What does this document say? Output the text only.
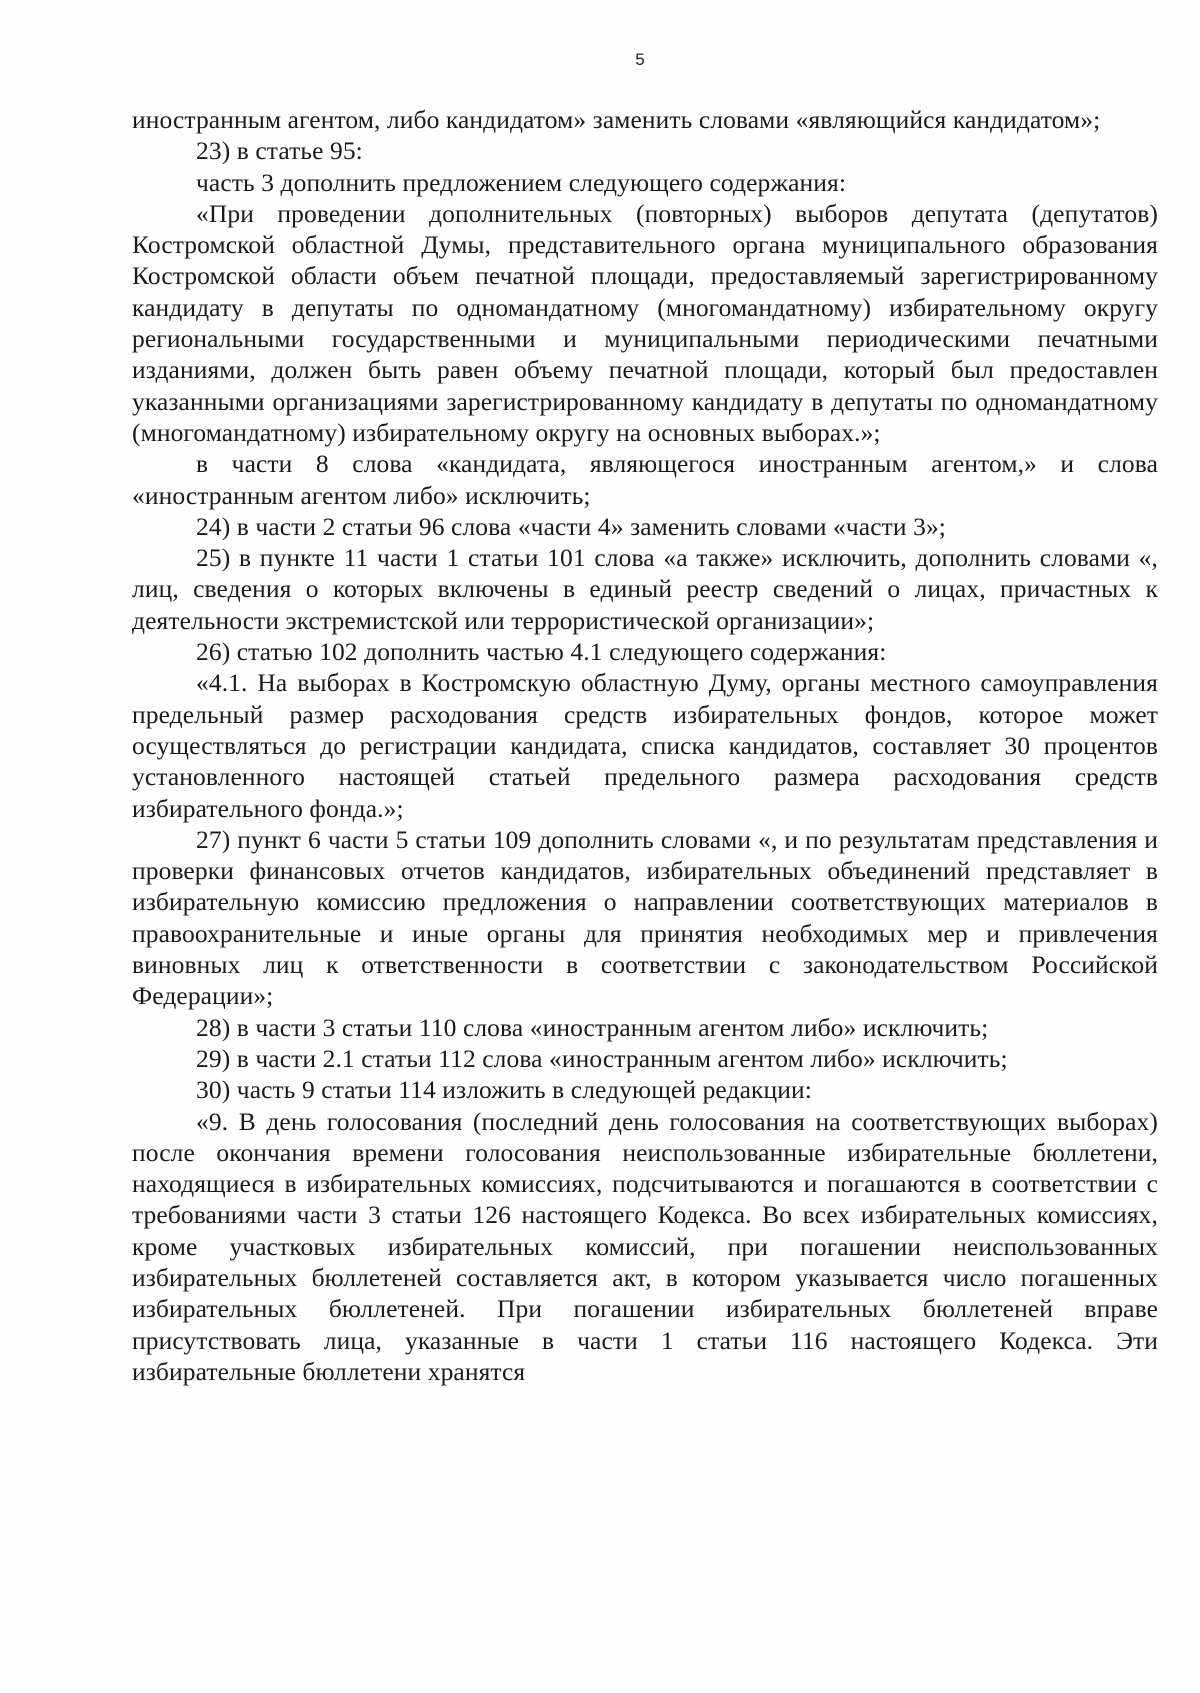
5

иностранным агентом, либо кандидатом» заменить словами «являющийся кандидатом»;

23) в статье 95:

часть 3 дополнить предложением следующего содержания:

«При проведении дополнительных (повторных) выборов депутата (депутатов) Костромской областной Думы, представительного органа муниципального образования Костромской области объем печатной площади, предоставляемый зарегистрированному кандидату в депутаты по одномандатному (многомандатному) избирательному округу региональными государственными и муниципальными периодическими печатными изданиями, должен быть равен объему печатной площади, который был предоставлен указанными организациями зарегистрированному кандидату в депутаты по одномандатному (многомандатному) избирательному округу на основных выборах.»;

в части 8 слова «кандидата, являющегося иностранным агентом,» и слова «иностранным агентом либо» исключить;

24) в части 2 статьи 96 слова «части 4» заменить словами «части 3»;

25) в пункте 11 части 1 статьи 101 слова «а также» исключить, дополнить словами «, лиц, сведения о которых включены в единый реестр сведений о лицах, причастных к деятельности экстремистской или террористической организации»;

26) статью 102 дополнить частью 4.1 следующего содержания:

«4.1. На выборах в Костромскую областную Думу, органы местного самоуправления предельный размер расходования средств избирательных фондов, которое может осуществляться до регистрации кандидата, списка кандидатов, составляет 30 процентов установленного настоящей статьей предельного размера расходования средств избирательного фонда.»;

27) пункт 6 части 5 статьи 109 дополнить словами «, и по результатам представления и проверки финансовых отчетов кандидатов, избирательных объединений представляет в избирательную комиссию предложения о направлении соответствующих материалов в правоохранительные и иные органы для принятия необходимых мер и привлечения виновных лиц к ответственности в соответствии с законодательством Российской Федерации»;

28) в части 3 статьи 110 слова «иностранным агентом либо» исключить;

29) в части 2.1 статьи 112 слова «иностранным агентом либо» исключить;

30) часть 9 статьи 114 изложить в следующей редакции:

«9. В день голосования (последний день голосования на соответствующих выборах) после окончания времени голосования неиспользованные избирательные бюллетени, находящиеся в избирательных комиссиях, подсчитываются и погашаются в соответствии с требованиями части 3 статьи 126 настоящего Кодекса. Во всех избирательных комиссиях, кроме участковых избирательных комиссий, при погашении неиспользованных избирательных бюллетеней составляется акт, в котором указывается число погашенных избирательных бюллетеней. При погашении избирательных бюллетеней вправе присутствовать лица, указанные в части 1 статьи 116 настоящего Кодекса. Эти избирательные бюллетени хранятся
